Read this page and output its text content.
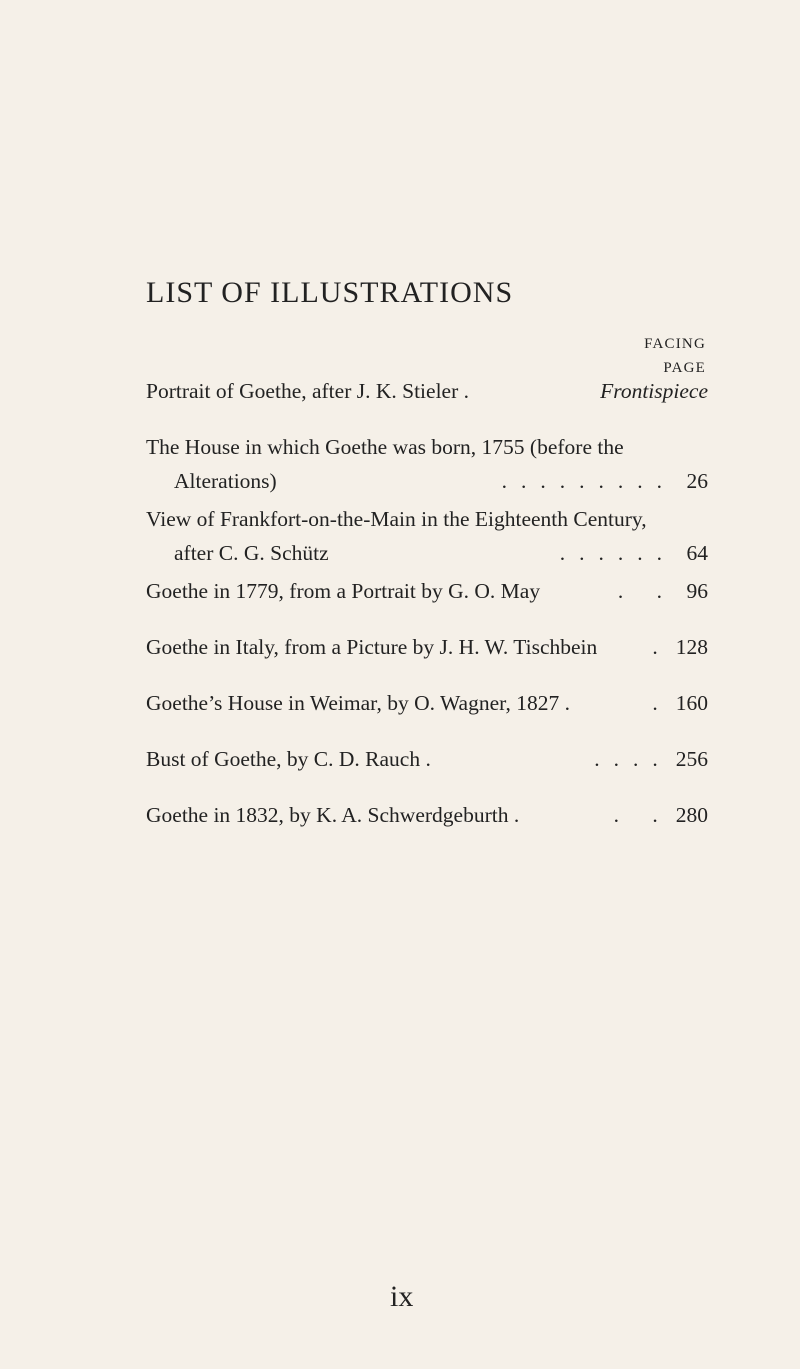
LIST OF ILLUSTRATIONS
FACING
PAGE
Portrait of Goethe, after J. K. Stieler .	Frontispiece
The House in which Goethe was born, 1755 (before the
Alterations)	......... 26
View of Frankfort-on-the-Main in the Eighteenth Century,
after C. G. Schütz	...... 64
Goethe in 1779, from a Portrait by G. O. May	. . 96
Goethe in Italy, from a Picture by J. H. W. Tischbein	. 128
Goethe’s House in Weimar, by O. Wagner, 1827 .	. 160
Bust of Goethe, by C. D. Rauch .	.... 256
Goethe in 1832, by K. A. Schwerdgeburth .	. . 280
ix
